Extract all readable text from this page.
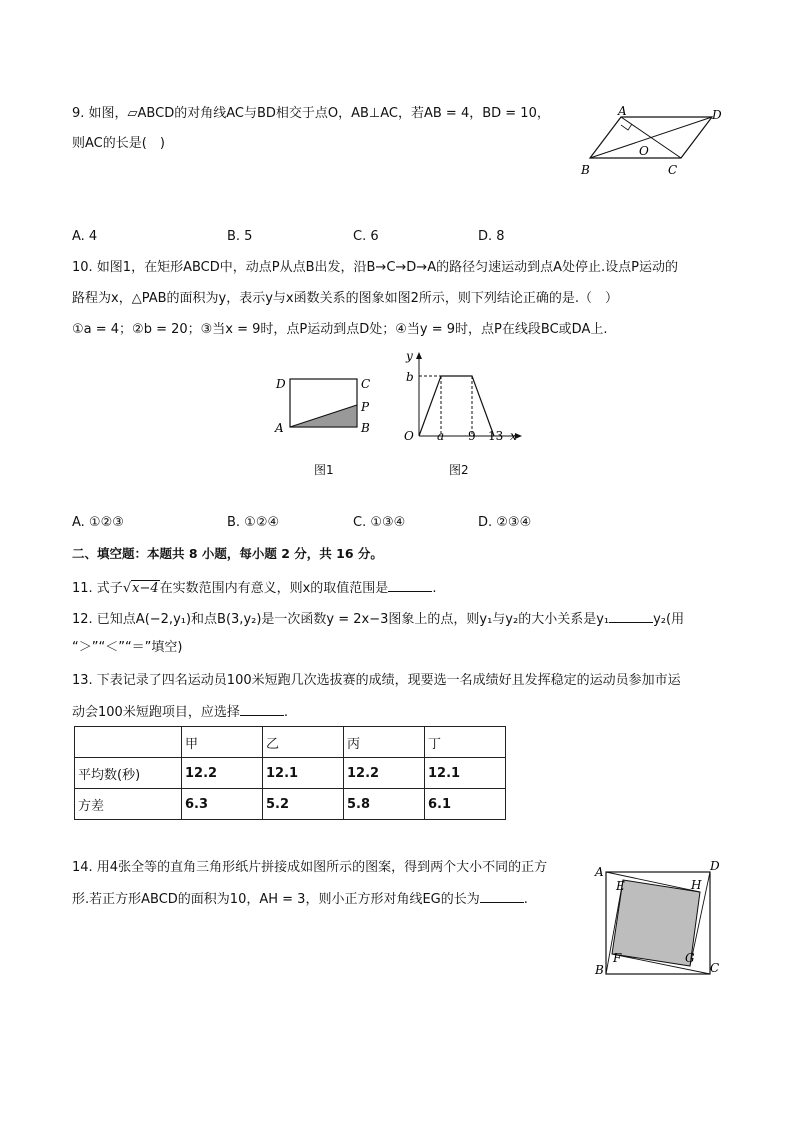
9. 如图，▱ABCD的对角线AC与BD相交于点O，AB⊥AC，若AB = 4，BD = 10，
则AC的长是(　)
A	D
O
B	C
A. 4	B. 5	C. 6	D. 8
10. 如图1，在矩形ABCD中，动点P从点B出发，沿B→C→D→A的路径匀速运动到点A处停止.设点P运动的
路程为x，△PAB的面积为y，表示y与x函数关系的图象如图2所示，则下列结论正确的是.（　）
①a = 4；②b = 20；③当x = 9时，点P运动到点D处；④当y = 9时，点P在线段BC或DA上.
D	C
P
A	B
图1
y
b
O a 9 13 x
图2
A. ①②③	B. ①②④	C. ①③④	D. ②③④
二、填空题：本题共 8 小题，每小题 2 分，共 16 分。
11. 式子√x−4在实数范围内有意义，则x的取值范围是	.
12. 已知点A(−2,y₁)和点B(3,y₂)是一次函数y = 2x−3图象上的点，则y₁与y₂的大小关系是y₁	y₂(用
“＞”“＜”“＝”填空)
13. 下表记录了四名运动员100米短跑几次选拔赛的成绩，现要选一名成绩好且发挥稳定的运动员参加市运
动会100米短跑项目，应选择	.
	甲	乙	丙	丁
平均数(秒)	12.2	12.1	12.2	12.1
方差	6.3	5.2	5.8	6.1
14. 用4张全等的直角三角形纸片拼接成如图所示的图案，得到两个大小不同的正方
形.若正方形ABCD的面积为10，AH = 3，则小正方形对角线EG的长为	.
A	D
E	H
F	G
B	C
